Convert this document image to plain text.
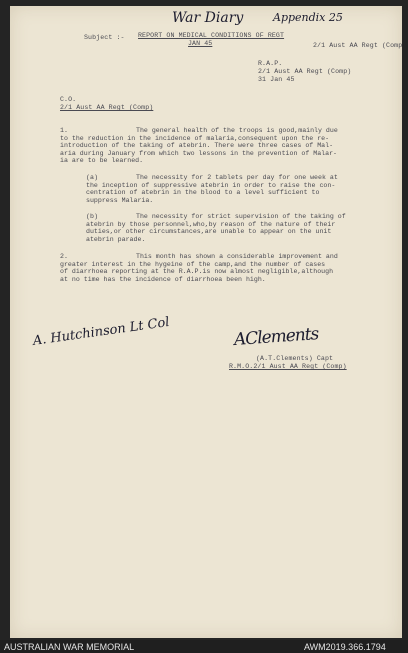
War Diary	Appendix 25
Subject :- REPORT ON MEDICAL CONDITIONS OF REGT
JAN 45	2/1 Aust AA Regt (Comp
R.A.P.
2/1 Aust AA Regt (Comp)
31 Jan 45
C.O.
2/1 Aust AA Regt (Comp)
1.	The general health of the troops is good,mainly due
to the reduction in the incidence of malaria,consequent upon the re-
introduction of the taking of atebrin. There were three cases of Mal-
aria during January from which two lessons in the prevention of Malar-
ia are to be learned.
(a)	The necessity for 2 tablets per day for one week at
the inception of suppressive atebrin in order to raise the con-
centration of atebrin in the blood to a level sufficient to
suppress Malaria.
(b)	The necessity for strict supervision of the taking of
atebrin by those personnel,who,by reason of the nature of their
duties,or other circumstances,are unable to appear on the unit
atebrin parade.
2.	This month has shown a considerable improvement and
greater interest in the hygeine of the camp,and the number of cases
of diarrhoea reporting at the R.A.P.is now almost negligible,although
at no time has the incidence of diarrhoea been high.
A. Hutchinson Lt Col	AClements
(A.T.Clements) Capt
R.M.O.2/1 Aust AA Regt (Comp)
AUSTRALIAN WAR MEMORIAL	AWM2019.366.1794
